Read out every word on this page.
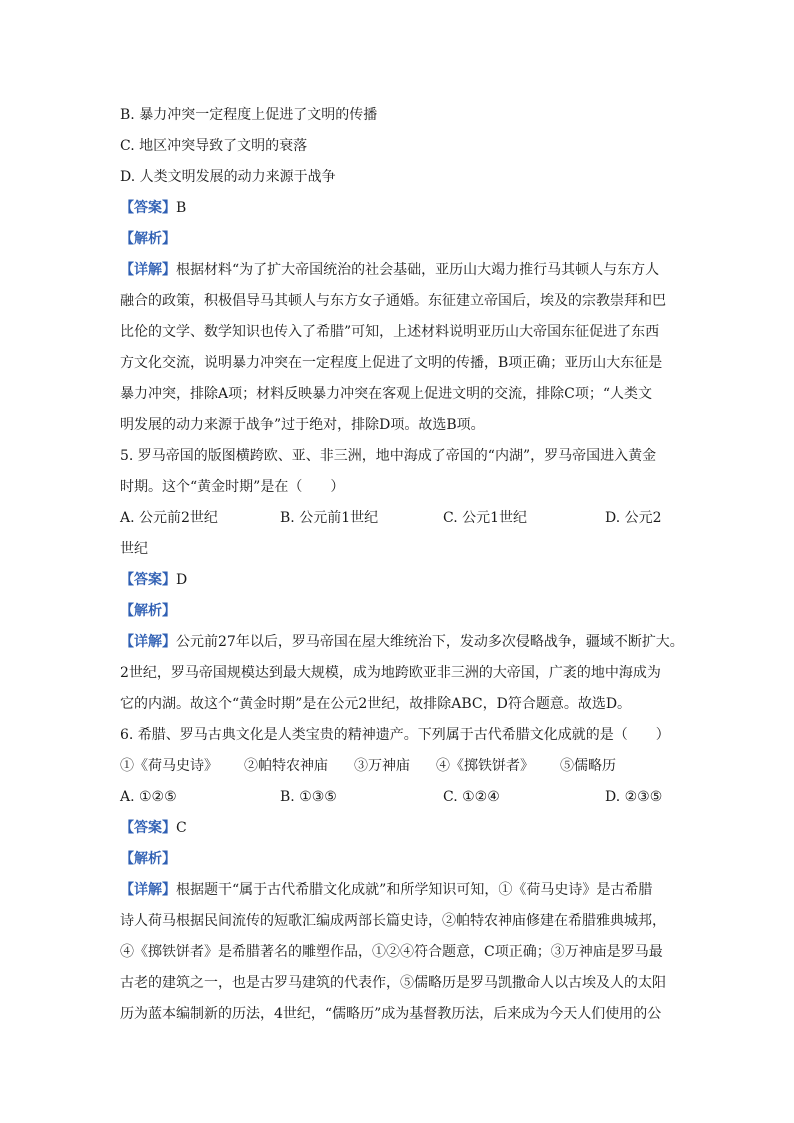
B. 暴力冲突一定程度上促进了文明的传播
C. 地区冲突导致了文明的衰落
D. 人类文明发展的动力来源于战争
【答案】B
【解析】
【详解】根据材料“为了扩大帝国统治的社会基础，亚历山大竭力推行马其顿人与东方人
融合的政策，积极倡导马其顿人与东方女子通婚。东征建立帝国后，埃及的宗教崇拜和巴
比伦的文学、数学知识也传入了希腊”可知，上述材料说明亚历山大帝国东征促进了东西
方文化交流，说明暴力冲突在一定程度上促进了文明的传播，B项正确；亚历山大东征是
暴力冲突，排除A项；材料反映暴力冲突在客观上促进文明的交流，排除C项；“人类文
明发展的动力来源于战争”过于绝对，排除D项。故选B项。
5. 罗马帝国的版图横跨欧、亚、非三洲，地中海成了帝国的“内湖”，罗马帝国进入黄金
时期。这个“黄金时期”是在（　　）
A. 公元前2世纪	B. 公元前1世纪	C. 公元1世纪	D. 公元2
世纪
【答案】D
【解析】
【详解】公元前27年以后，罗马帝国在屋大维统治下，发动多次侵略战争，疆域不断扩大。
2世纪，罗马帝国规模达到最大规模，成为地跨欧亚非三洲的大帝国，广袤的地中海成为
它的内湖。故这个“黄金时期”是在公元2世纪，故排除ABC，D符合题意。故选D。
6. 希腊、罗马古典文化是人类宝贵的精神遗产。下列属于古代希腊文化成就的是（　　）
①《荷马史诗》 ②帕特农神庙 ③万神庙 ④《掷铁饼者》 ⑤儒略历
A. ①②⑤	B. ①③⑤	C. ①②④	D. ②③⑤
【答案】C
【解析】
【详解】根据题干“属于古代希腊文化成就”和所学知识可知，①《荷马史诗》是古希腊
诗人荷马根据民间流传的短歌汇编成两部长篇史诗，②帕特农神庙修建在希腊雅典城邦，
④《掷铁饼者》是希腊著名的雕塑作品，①②④符合题意，C项正确；③万神庙是罗马最
古老的建筑之一，也是古罗马建筑的代表作，⑤儒略历是罗马凯撒命人以古埃及人的太阳
历为蓝本编制新的历法，4世纪，“儒略历”成为基督教历法，后来成为今天人们使用的公
